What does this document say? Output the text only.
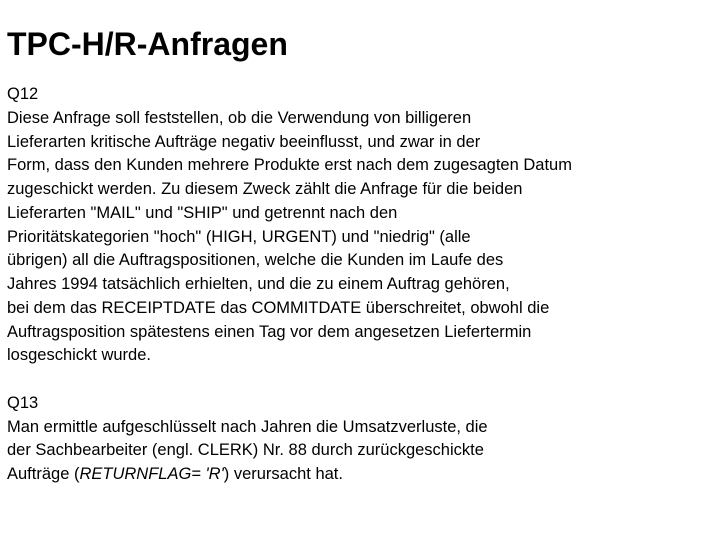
TPC-H/R-Anfragen
Q12
Diese Anfrage soll feststellen, ob die Verwendung von billigeren
Lieferarten kritische Aufträge negativ beeinflusst, und zwar in der
Form, dass den Kunden mehrere Produkte erst nach dem zugesagten Datum
zugeschickt werden. Zu diesem Zweck zählt die Anfrage für die beiden
Lieferarten "MAIL" und "SHIP" und getrennt nach den
Prioritätskategorien "hoch" (HIGH, URGENT) und "niedrig" (alle
übrigen) all die Auftragspositionen, welche die Kunden im Laufe des
Jahres 1994 tatsächlich erhielten, und die zu einem Auftrag gehören,
bei dem das RECEIPTDATE das COMMITDATE überschreitet, obwohl die
Auftragsposition spätestens einen Tag vor dem angesetzen Liefertermin
losgeschickt wurde.
Q13
Man ermittle aufgeschlüsselt nach Jahren die Umsatzverluste, die
der Sachbearbeiter (engl. CLERK) Nr. 88 durch zurückgeschickte
Aufträge (RETURNFLAG= 'R') verursacht hat.
